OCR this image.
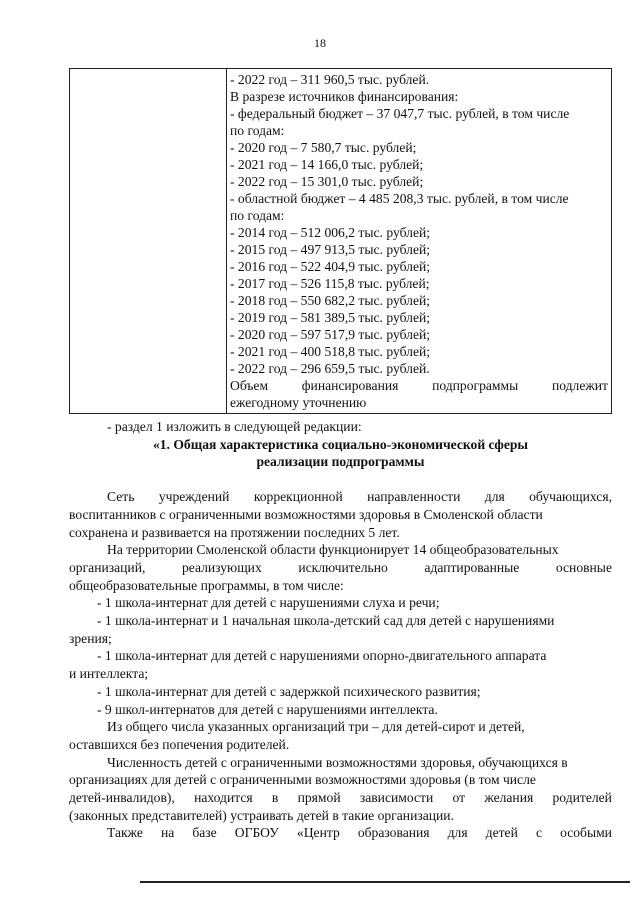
18

- 2022 год – 311 960,5 тыс. рублей.
В разрезе источников финансирования:
- федеральный бюджет – 37 047,7 тыс. рублей, в том числе
по годам:
- 2020 год – 7 580,7 тыс. рублей;
- 2021 год – 14 166,0 тыс. рублей;
- 2022 год – 15 301,0 тыс. рублей;
- областной бюджет – 4 485 208,3 тыс. рублей, в том числе
по годам:
- 2014 год – 512 006,2 тыс. рублей;
- 2015 год – 497 913,5 тыс. рублей;
- 2016 год – 522 404,9 тыс. рублей;
- 2017 год – 526 115,8 тыс. рублей;
- 2018 год – 550 682,2 тыс. рублей;
- 2019 год – 581 389,5 тыс. рублей;
- 2020 год – 597 517,9 тыс. рублей;
- 2021 год – 400 518,8 тыс. рублей;
- 2022 год – 296 659,5 тыс. рублей.
Объем финансирования подпрограммы подлежит
ежегодному уточнению
- раздел 1 изложить в следующей редакции:
«1. Общая характеристика социально-экономической сферы
реализации подпрограммы
Сеть учреждений коррекционной направленности для обучающихся,
воспитанников с ограниченными возможностями здоровья в Смоленской области
сохранена и развивается на протяжении последних 5 лет.
На территории Смоленской области функционирует 14 общеобразовательных
организаций,	реализующих	исключительно	адаптированные	основные
общеобразовательные программы, в том числе:
- 1 школа-интернат для детей с нарушениями слуха и речи;
- 1 школа-интернат и 1 начальная школа-детский сад для детей с нарушениями
зрения;
- 1 школа-интернат для детей с нарушениями опорно-двигательного аппарата
и интеллекта;
- 1 школа-интернат для детей с задержкой психического развития;
- 9 школ-интернатов для детей с нарушениями интеллекта.
Из общего числа указанных организаций три – для детей-сирот и детей,
оставшихся без попечения родителей.
Численность детей с ограниченными возможностями здоровья, обучающихся в
организациях для детей с ограниченными возможностями здоровья (в том числе
детей-инвалидов), находится в прямой зависимости от желания родителей
(законных представителей) устраивать детей в такие организации.
Также на базе ОГБОУ «Центр образования для детей с особыми
